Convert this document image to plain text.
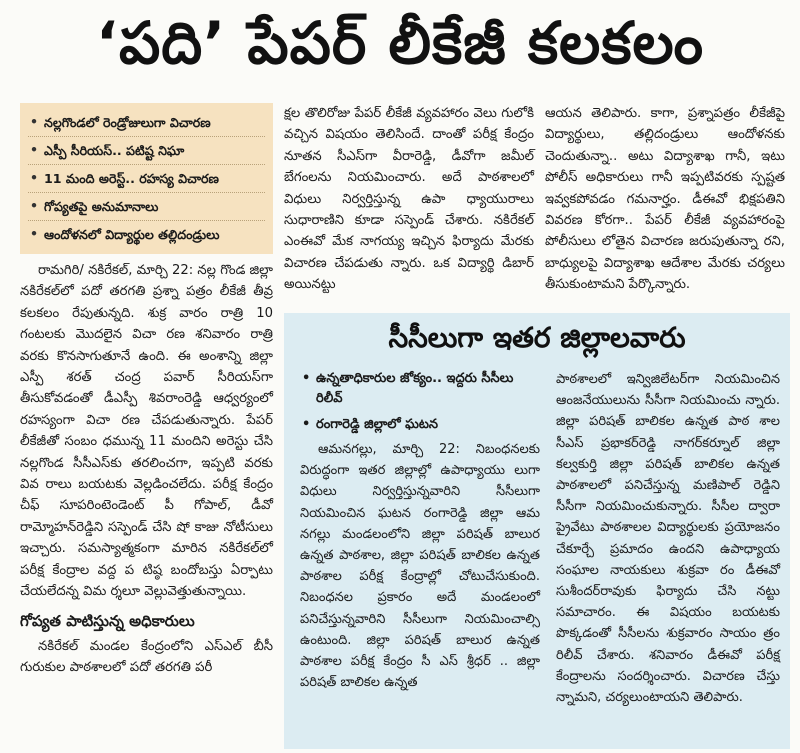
‘పది’ పేపర్‌ లీకేజీ కలకలం
• నల్లగొండలో రెండ్రోజులుగా విచారణ
• ఎస్పీ సీరియస్‌.. పటిష్ట నిఘా
• 11 మంది అరెస్ట్‌.. రహస్య విచారణ
• గోప్యతపై అనుమానాలు
• ఆందోళనలో విద్యార్థుల తల్లిదండ్రులు

రామగిరి/ నకిరేకల్‌, మార్చి 22: నల్ల గొండ జిల్లా నకిరేకల్‌లో పదో తరగతి ప్రశ్నా పత్రం లీకేజీ తీవ్ర కలకలం రేపుతున్నది. శుక్ర వారం రాత్రి 10 గంటలకు మొదలైన విచా రణ శనివారం రాత్రి వరకు కొనసాగుతూనే ఉంది. ఈ అంశాన్ని జిల్లా ఎస్పీ శరత్‌ చంద్ర పవార్‌ సీరియస్‌గా తీసుకోవడంతో డీఎస్పీ శివరాంరెడ్డి ఆధ్వర్యంలో రహస్యంగా విచా రణ చేపడుతున్నారు. పేపర్‌ లీకేజీతో సంబం ధమున్న 11 మందిని అరెస్టు చేసి నల్లగొండ సీసీఎస్‌కు తరలించగా, ఇప్పటి వరకు వివ రాలు బయటకు వెల్లడించలేదు. పరీక్ష కేంద్రం చీఫ్‌ సూపరింటెండెంట్‌ పీ గోపాల్‌, డీవో రామ్మోహన్‌రెడ్డిని సస్పెండ్‌ చేసి షో కాజు నోటీసులు ఇచ్చారు. సమస్యాత్మకంగా మారిన నకిరేకల్‌లో పరీక్ష కేంద్రాల వద్ద ప టిష్ఠ బందోబస్తు ఏర్పాటు చేయలేదన్న విమ ర్శలూ వెల్లువెత్తుతున్నాయి.

గోప్యత పాటిస్తున్న అధికారులు

నకిరేకల్‌ మండల కేంద్రంలోని ఎస్‌ఎల్‌ బీసీ గురుకుల పాఠశాలలో పదో తరగతి పరీ

క్షల తొలిరోజు పేపర్‌ లీకేజీ వ్యవహారం వెలు గులోకి వచ్చిన విషయం తెలిసిందే. దాంతో పరీక్ష కేంద్రం నూతన సీఎస్‌గా వీరారెడ్డి, డీవోగా జమీల్‌ బేగంలను నియమించారు. అదే పాఠశాలలో విధులు నిర్వర్తిస్తున్న ఉపా ధ్యాయురాలు సుధారాణిని కూడా సస్పెండ్‌ చేశారు. నకిరేకల్‌ ఎంఈవో మేక నాగయ్య ఇచ్చిన ఫిర్యాదు మేరకు విచారణ చేపడుతు న్నారు. ఒక విద్యార్థి డిబార్‌ అయినట్టు

ఆయన తెలిపారు. కాగా, ప్రశ్నాపత్రం లీకేజీపై విద్యార్థులు, తల్లిదండ్రులు ఆందోళనకు చెందుతున్నా.. అటు విద్యాశాఖ గానీ, ఇటు పోలీస్‌ అధికారులు గానీ ఇప్పటివరకు స్పష్టత ఇవ్వకపోవడం గమనార్హం. డీఈవో భిక్షపతిని వివరణ కోరగా.. పేపర్‌ లీకేజీ వ్యవహారంపై పోలీసులు లోతైన విచారణ జరుపుతున్నా రని, బాధ్యులపై విద్యాశాఖ ఆదేశాల మేరకు చర్యలు తీసుకుంటామని పేర్కొన్నారు.

సీసీలుగా ఇతర జిల్లాలవారు
• ఉన్నతాధికారుల జోక్యం.. ఇద్దరు సీసీలు రిలీవ్‌
• రంగారెడ్డి జిల్లాలో ఘటన

ఆమనగల్లు, మార్చి 22: నిబంధనలకు విరుద్ధంగా ఇతర జిల్లాల్లో ఉపాధ్యాయు లుగా విధులు నిర్వర్తిస్తున్నవారిని సీసీలుగా నియమించిన ఘటన రంగారెడ్డి జిల్లా ఆమ నగల్లు మండలంలోని జిల్లా పరిషత్‌ బాలుర ఉన్నత పాఠశాల, జిల్లా పరిషత్‌ బాలికల ఉన్నత పాఠశాల పరీక్ష కేంద్రాల్లో చోటుచేసుకుంది. నిబంధనల ప్రకారం అదే మండలంలో పనిచేస్తున్నవారిని సీసీలుగా నియమించాల్సి ఉంటుంది. జిల్లా పరిషత్‌ బాలుర ఉన్నత పాఠశాల పరీక్ష కేంద్రం సీ ఎస్‌ శ్రీధర్‌ .. జిల్లా పరిషత్‌ బాలికల ఉన్నత

పాఠశాలలో ఇన్విజిలేటర్‌గా నియమించిన ఆంజనేయులును సీసీగా నియమించు న్నారు. జిల్లా పరిషత్‌ బాలికల ఉన్నత పాఠ శాల సీఎస్‌ ప్రభాకర్‌రెడ్డి నాగర్‌కర్నూల్‌ జిల్లా కల్వకుర్తి జిల్లా పరిషత్‌ బాలికల ఉన్నత పాఠశాలలో పనిచేస్తున్న మణిపాల్‌ రెడ్డిని సీసీగా నియమించుకున్నారు. సీసీల ద్వారా ప్రైవేటు పాఠశాలల విద్యార్థులకు ప్రయోజనం చేకూర్చే ప్రమాదం ఉందని ఉపాధ్యాయ సంఘాల నాయకులు శుక్రవా రం డీఈవో సుశీందర్‌రావుకు ఫిర్యాదు చేసి నట్టు సమాచారం. ఈ విషయం బయటకు పొక్కడంతో సీసీలను శుక్రవారం సాయం త్రం రిలీవ్‌ చేశారు. శనివారం డీఈవో పరీక్ష కేంద్రాలను సందర్శించారు. విచారణ చేస్తు న్నామని, చర్యలుంటాయని తెలిపారు.
